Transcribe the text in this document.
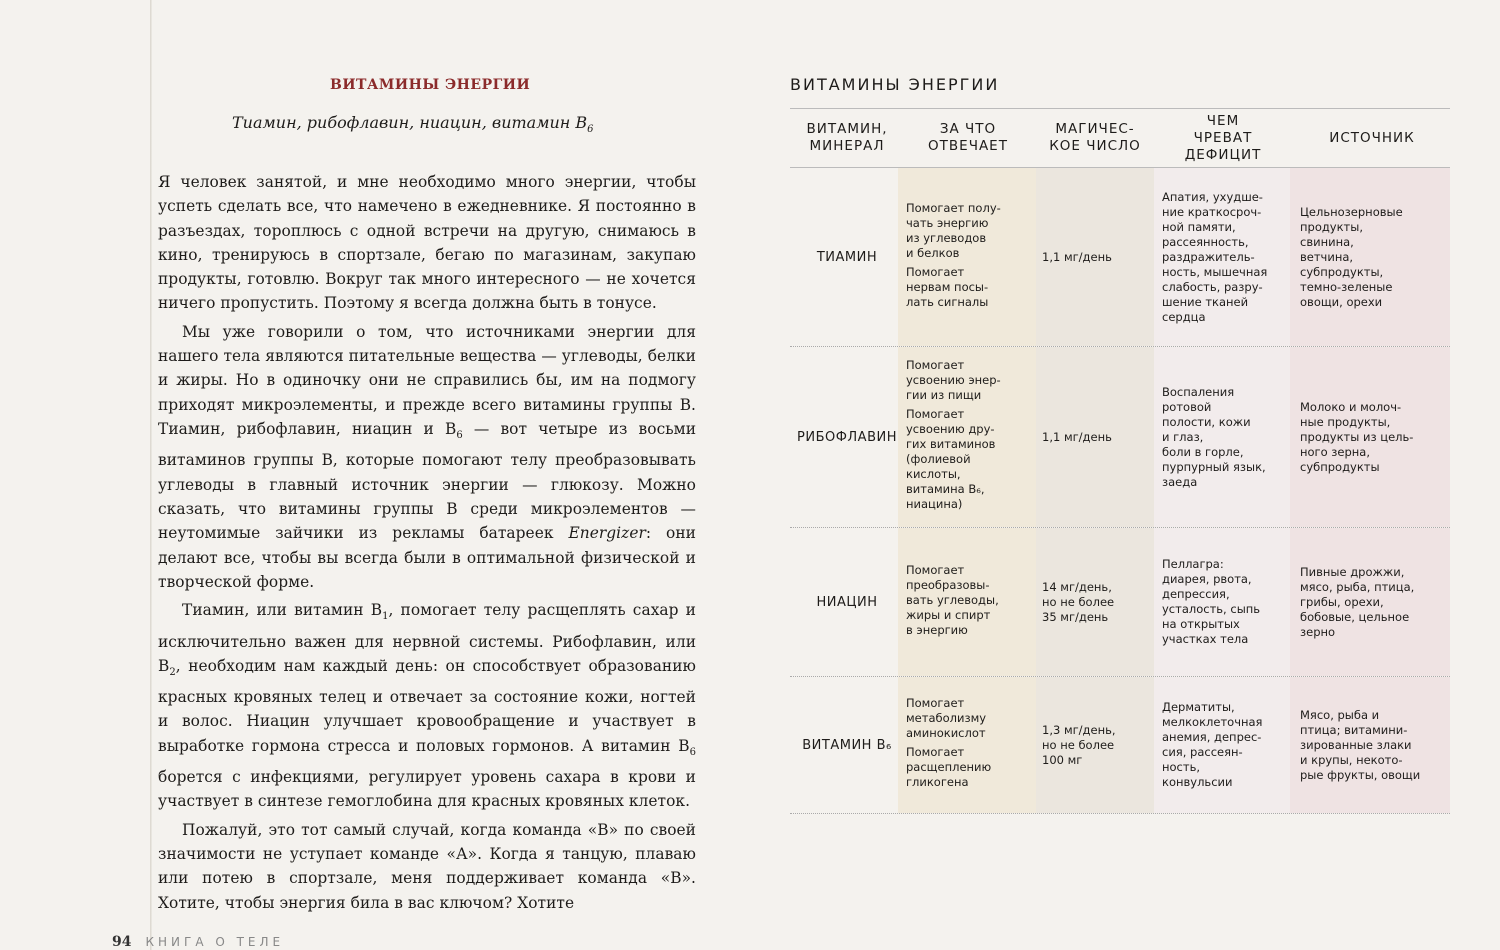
ВИТАМИНЫ ЭНЕРГИИ
Тиамин, рибофлавин, ниацин, витамин $B_6$

Я человек занятой, и мне необходимо много энергии, чтобы успеть сделать все, что намечено в ежедневнике. Я постоянно в разъездах, тороплюсь с одной встречи на другую, снимаюсь в кино, тренируюсь в спортзале, бегаю по магазинам, закупаю продукты, готовлю. Вокруг так много интересного — не хочется ничего пропустить. Поэтому я всегда должна быть в тонусе.

Мы уже говорили о том, что источниками энергии для нашего тела являются питательные вещества — углеводы, белки и жиры. Но в одиночку они не справились бы, им на подмогу приходят микроэлементы, и прежде всего витамины группы B. Тиамин, рибофлавин, ниацин и $B_6$ — вот четыре из восьми витаминов группы B, которые помогают телу преобразовывать углеводы в главный источник энергии — глюкозу. Можно сказать, что витамины группы B среди микроэлементов — неутомимые зайчики из рекламы батареек Energizer: они делают все, чтобы вы всегда были в оптимальной физической и творческой форме.

Тиамин, или витамин $B_1$, помогает телу расщеплять сахар и исключительно важен для нервной системы. Рибофлавин, или $B_2$, необходим нам каждый день: он способствует образованию красных кровяных телец и отвечает за состояние кожи, ногтей и волос. Ниацин улучшает кровообращение и участвует в выработке гормона стресса и половых гормонов. А витамин $B_6$ борется с инфекциями, регулирует уровень сахара в крови и участвует в синтезе гемоглобина для красных кровяных клеток.

Пожалуй, это тот самый случай, когда команда «B» по своей значимости не уступает команде «А». Когда я танцую, плаваю или потею в спортзале, меня поддерживает команда «B». Хотите, чтобы энергия била в вас ключом? Хотите

94 КНИГА О ТЕЛЕ
ВИТАМИНЫ ЭНЕРГИИ
ВИТАМИН,
МИНЕРАЛ
ЗА ЧТО
ОТВЕЧАЕТ
МАГИЧЕС-
КОЕ ЧИСЛО
ЧЕМ
ЧРЕВАТ
ДЕФИЦИТ
ИСТОЧНИК
ТИАМИН

Помогает полу-
чать энергию
из углеводов
и белков

Помогает
нервам посы-
лать сигналы

1,1 мг/день
Апатия, ухудше-
ние краткосроч-
ной памяти,
рассеянность,
раздражитель-
ность, мышечная
слабость, разру-
шение тканей
сердца
Цельнозерновые
продукты,
свинина,
ветчина,
субпродукты,
темно-зеленые
овощи, орехи
РИБОФЛАВИН

Помогает
усвоению энер-
гии из пищи

Помогает
усвоению дру-
гих витаминов
(фолиевой
кислоты,
витамина B₆,
ниацина)

1,1 мг/день
Воспаления
ротовой
полости, кожи
и глаз,
боли в горле,
пурпурный язык,
заеда
Молоко и молоч-
ные продукты,
продукты из цель-
ного зерна,
субпродукты
НИАЦИН

Помогает
преобразовы-
вать углеводы,
жиры и спирт
в энергию

14 мг/день,
но не более
35 мг/день
Пеллагра:
диарея, рвота,
депрессия,
усталость, сыпь
на открытых
участках тела
Пивные дрожжи,
мясо, рыба, птица,
грибы, орехи,
бобовые, цельное
зерно
ВИТАМИН B₆

Помогает
метаболизму
аминокислот

Помогает
расщеплению
гликогена

1,3 мг/день,
но не более
100 мг
Дерматиты,
мелкоклеточная
анемия, депрес-
сия, рассеян-
ность,
конвульсии
Мясо, рыба и
птица; витамини-
зированные злаки
и крупы, некото-
рые фрукты, овощи
